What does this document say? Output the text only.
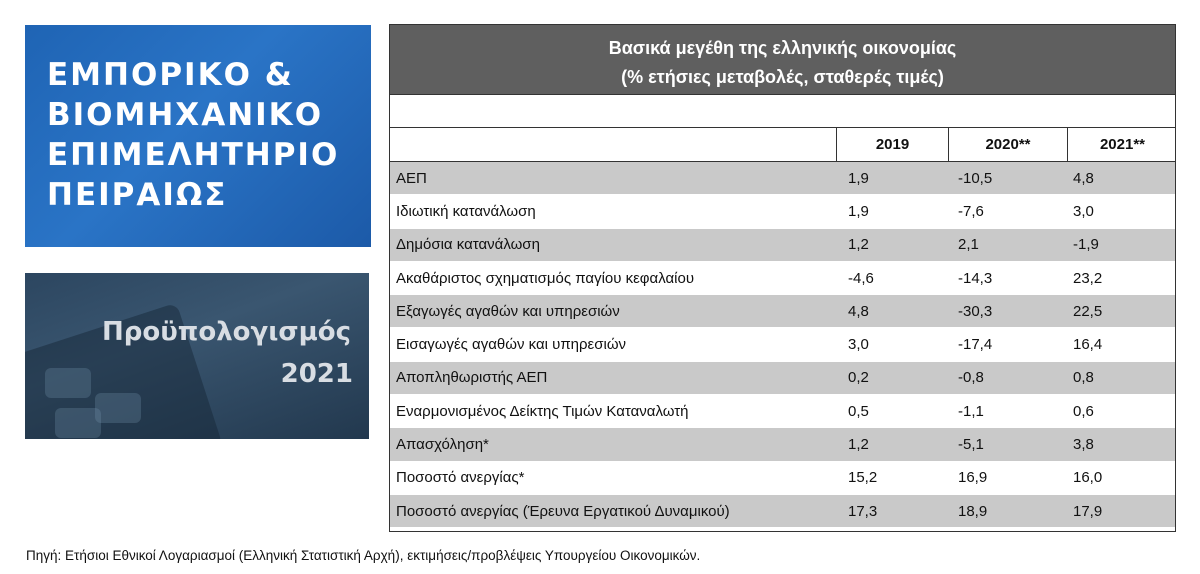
ΕΜΠΟΡΙΚΟ &
ΒΙΟΜΗΧΑΝΙΚΟ
ΕΠΙΜΕΛΗΤΗΡΙΟ
ΠΕΙΡΑΙΩΣ
Προϋπολογισμός
2021
Βασικά μεγέθη της ελληνικής οικονομίας
(% ετήσιες μεταβολές, σταθερές τιμές)
2019	2020**	2021**
ΑΕΠ	1,9	-10,5	4,8
Ιδιωτική κατανάλωση	1,9	-7,6	3,0
Δημόσια κατανάλωση	1,2	2,1	-1,9
Ακαθάριστος σχηματισμός παγίου κεφαλαίου	-4,6	-14,3	23,2
Εξαγωγές αγαθών και υπηρεσιών	4,8	-30,3	22,5
Εισαγωγές αγαθών και υπηρεσιών	3,0	-17,4	16,4
Αποπληθωριστής ΑΕΠ	0,2	-0,8	0,8
Εναρμονισμένος Δείκτης Τιμών Καταναλωτή	0,5	-1,1	0,6
Απασχόληση*	1,2	-5,1	3,8
Ποσοστό ανεργίας*	15,2	16,9	16,0
Ποσοστό ανεργίας (Έρευνα Εργατικού Δυναμικού)	17,3	18,9	17,9
Πηγή: Ετήσιοι Εθνικοί Λογαριασμοί (Ελληνική Στατιστική Αρχή), εκτιμήσεις/προβλέψεις Υπουργείου Οικονομικών.
